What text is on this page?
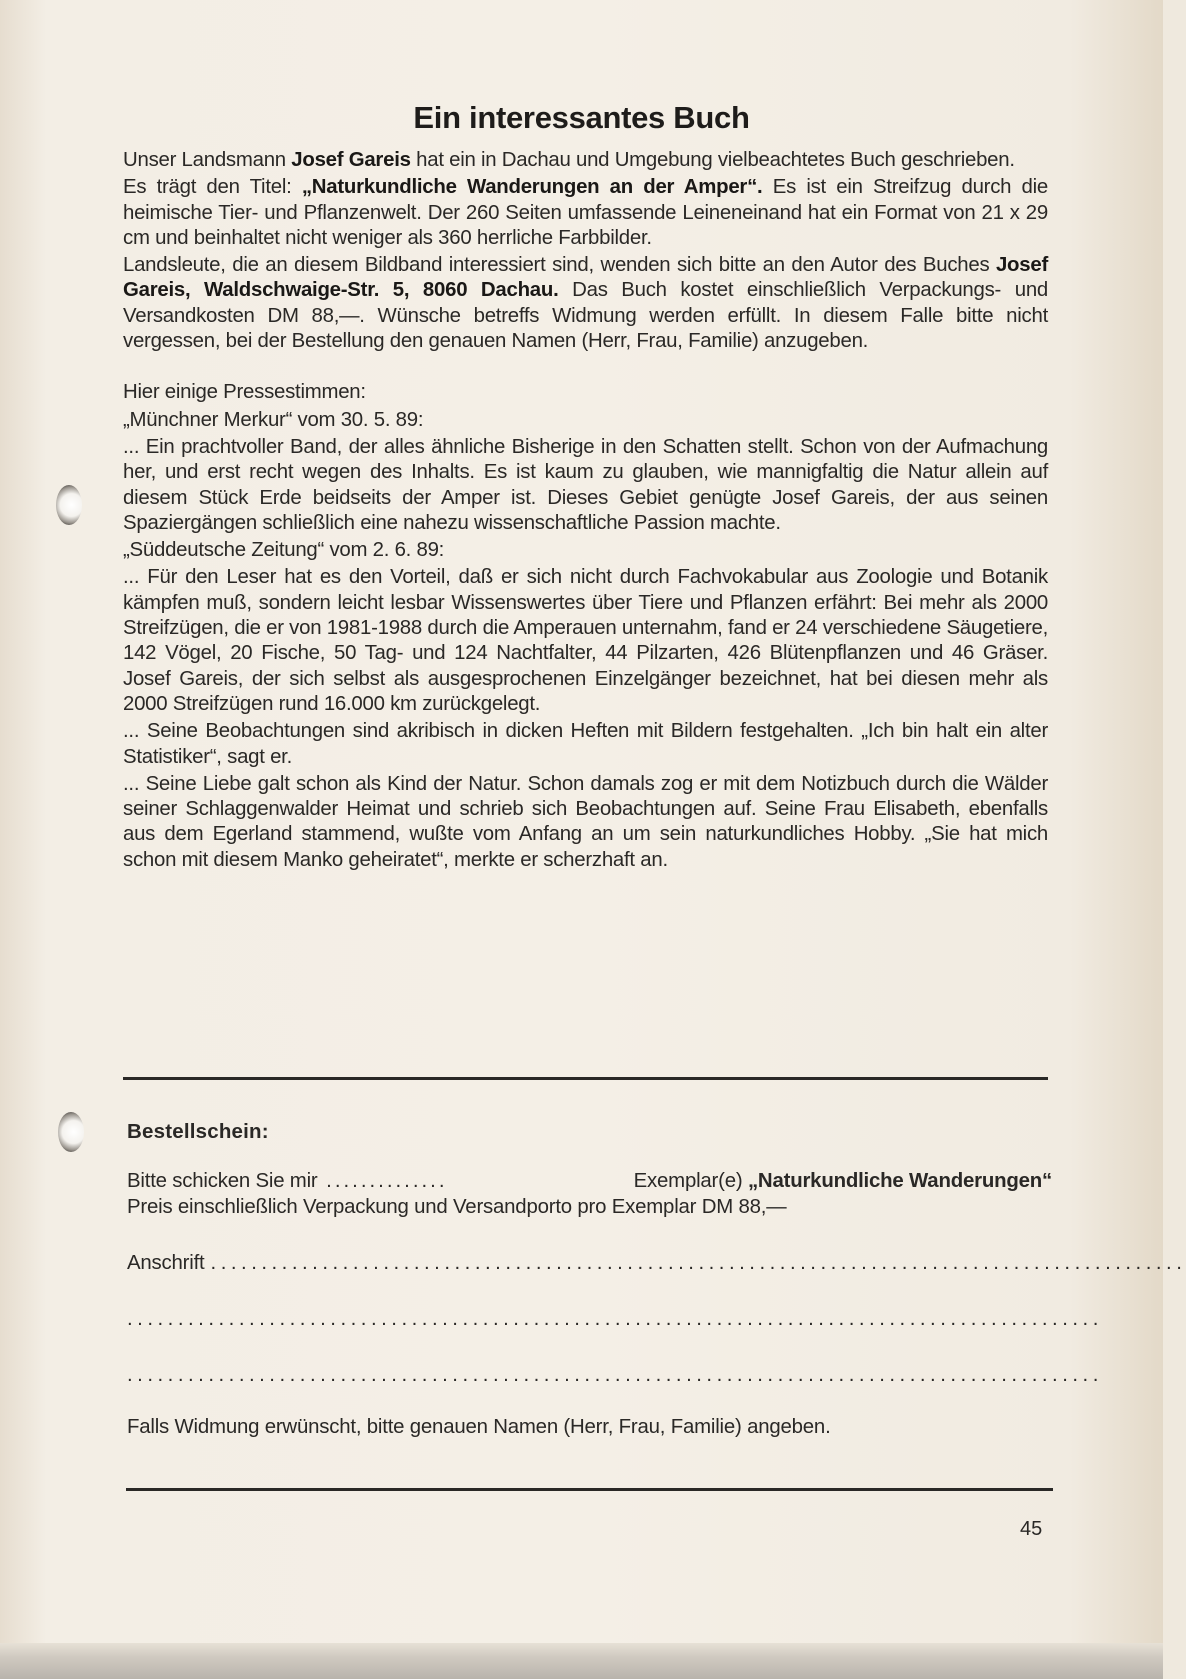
Ein interessantes Buch

Unser Landsmann Josef Gareis hat ein in Dachau und Umgebung vielbeachtetes Buch geschrieben.

Es trägt den Titel: „Naturkundliche Wanderungen an der Amper“. Es ist ein Streifzug durch die heimische Tier- und Pflanzenwelt. Der 260 Seiten umfassende Leineneinand hat ein Format von 21 x 29 cm und beinhaltet nicht weniger als 360 herrliche Farbbilder.

Landsleute, die an diesem Bildband interessiert sind, wenden sich bitte an den Autor des Buches Josef Gareis, Waldschwaige-Str. 5, 8060 Dachau. Das Buch kostet einschließlich Verpackungs- und Versandkosten DM 88,—. Wünsche betreffs Widmung werden erfüllt. In diesem Falle bitte nicht vergessen, bei der Bestellung den genauen Namen (Herr, Frau, Familie) anzugeben.

Hier einige Pressestimmen:

„Münchner Merkur“ vom 30. 5. 89:

... Ein prachtvoller Band, der alles ähnliche Bisherige in den Schatten stellt. Schon von der Aufmachung her, und erst recht wegen des Inhalts. Es ist kaum zu glauben, wie mannigfaltig die Natur allein auf diesem Stück Erde beidseits der Amper ist. Dieses Gebiet genügte Josef Gareis, der aus seinen Spaziergängen schließlich eine nahezu wissenschaftliche Passion machte.

„Süddeutsche Zeitung“ vom 2. 6. 89:

... Für den Leser hat es den Vorteil, daß er sich nicht durch Fachvokabular aus Zoologie und Botanik kämpfen muß, sondern leicht lesbar Wissenswertes über Tiere und Pflanzen erfährt: Bei mehr als 2000 Streifzügen, die er von 1981-1988 durch die Amperauen unternahm, fand er 24 verschiedene Säugetiere, 142 Vögel, 20 Fische, 50 Tag- und 124 Nachtfalter, 44 Pilzarten, 426 Blütenpflanzen und 46 Gräser. Josef Gareis, der sich selbst als ausgesprochenen Einzelgänger bezeichnet, hat bei diesen mehr als 2000 Streifzügen rund 16.000 km zurückgelegt.

... Seine Beobachtungen sind akribisch in dicken Heften mit Bildern festgehalten. „Ich bin halt ein alter Statistiker“, sagt er.

... Seine Liebe galt schon als Kind der Natur. Schon damals zog er mit dem Notizbuch durch die Wälder seiner Schlaggenwalder Heimat und schrieb sich Beobachtungen auf. Seine Frau Elisabeth, ebenfalls aus dem Egerland stammend, wußte vom Anfang an um sein naturkundliches Hobby. „Sie hat mich schon mit diesem Manko geheiratet“, merkte er scherzhaft an.

Bestellschein:
Bitte schicken Sie mir ..............	Exemplar(e) „Naturkundliche Wanderungen“
Preis einschließlich Verpackung und Versandporto pro Exemplar DM 88,—
Anschrift ................................................................................................
................................................................................................
................................................................................................
Falls Widmung erwünscht, bitte genauen Namen (Herr, Frau, Familie) angeben.
45
